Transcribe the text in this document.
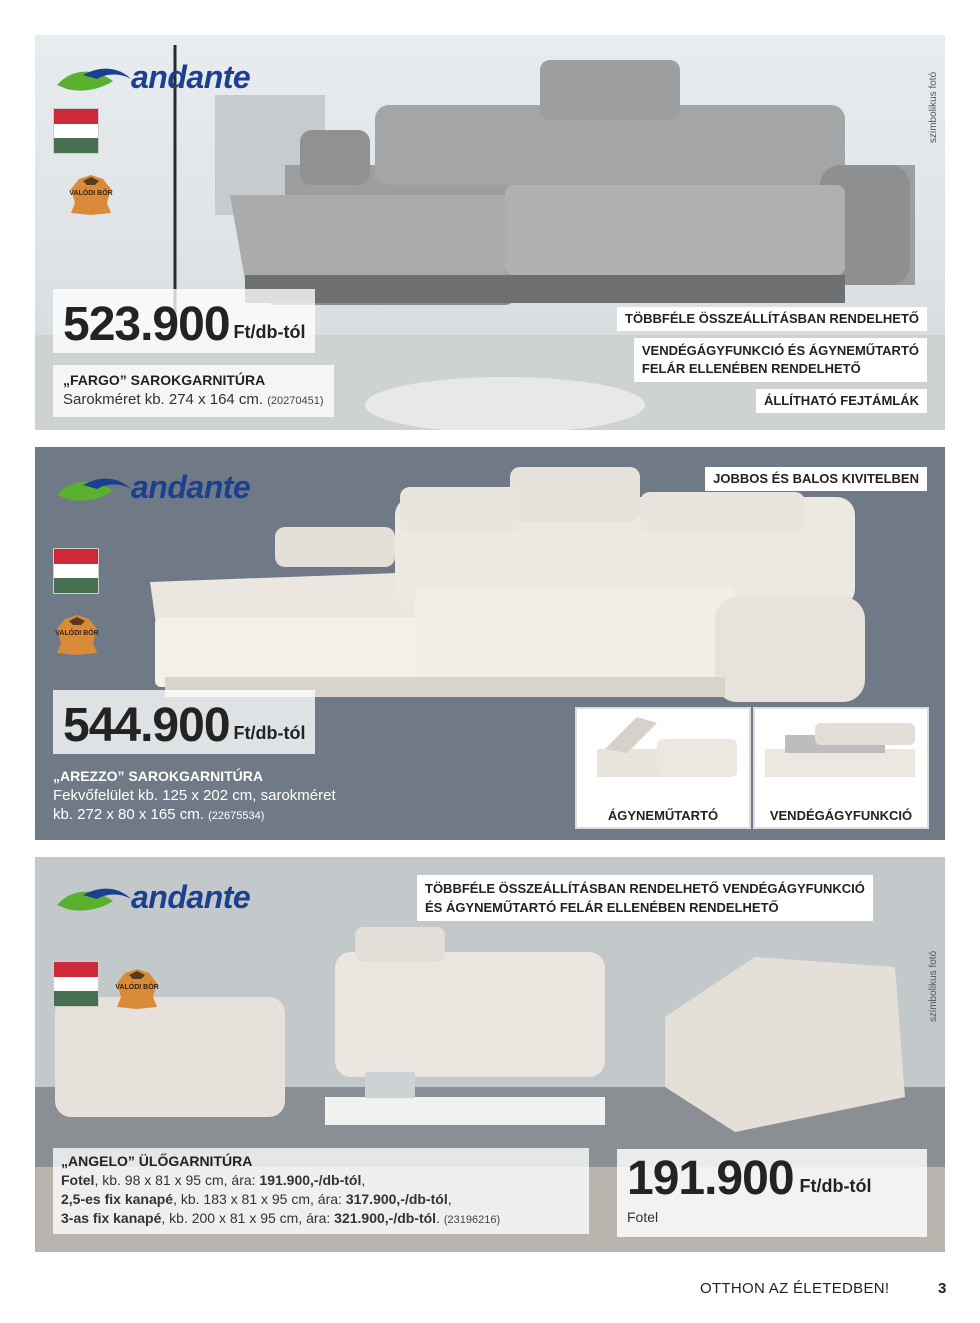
andante
VALÓDI BÖR
523.900 Ft/db-tól
„FARGO” SAROKGARNITÚRA
Sarokméret kb. 274 x 164 cm. (20270451)
TÖBBFÉLE ÖSSZEÁLLÍTÁSBAN RENDELHETŐ
VENDÉGÁGYFUNKCIÓ ÉS ÁGYNEMŰTARTÓ
FELÁR ELLENÉBEN RENDELHETŐ
ÁLLÍTHATÓ FEJTÁMLÁK
szimbolikus fotó
andante	JOBBOS ÉS BALOS KIVITELBEN
VALÓDI BÖR
544.900 Ft/db-tól
„AREZZO” SAROKGARNITÚRA
Fekvőfelület kb. 125 x 202 cm, sarokméret
kb. 272 x 80 x 165 cm. (22675534)	ÁGYNEMŰTARTÓ	VENDÉGÁGYFUNKCIÓ
andante	TÖBBFÉLE ÖSSZEÁLLÍTÁSBAN RENDELHETŐ VENDÉGÁGYFUNKCIÓ
ÉS ÁGYNEMŰTARTÓ FELÁR ELLENÉBEN RENDELHETŐ
VALÓDI BÖR	szimbolikus fotó
„ANGELO” ÜLŐGARNITÚRA
Fotel, kb. 98 x 81 x 95 cm, ára: 191.900,-/db-tól,
2,5-es fix kanapé, kb. 183 x 81 x 95 cm, ára: 317.900,-/db-tól,
3-as fix kanapé, kb. 200 x 81 x 95 cm, ára: 321.900,-/db-tól. (23196216)
191.900 Ft/db-tól
Fotel
OTTHON AZ ÉLETEDBEN!	3
